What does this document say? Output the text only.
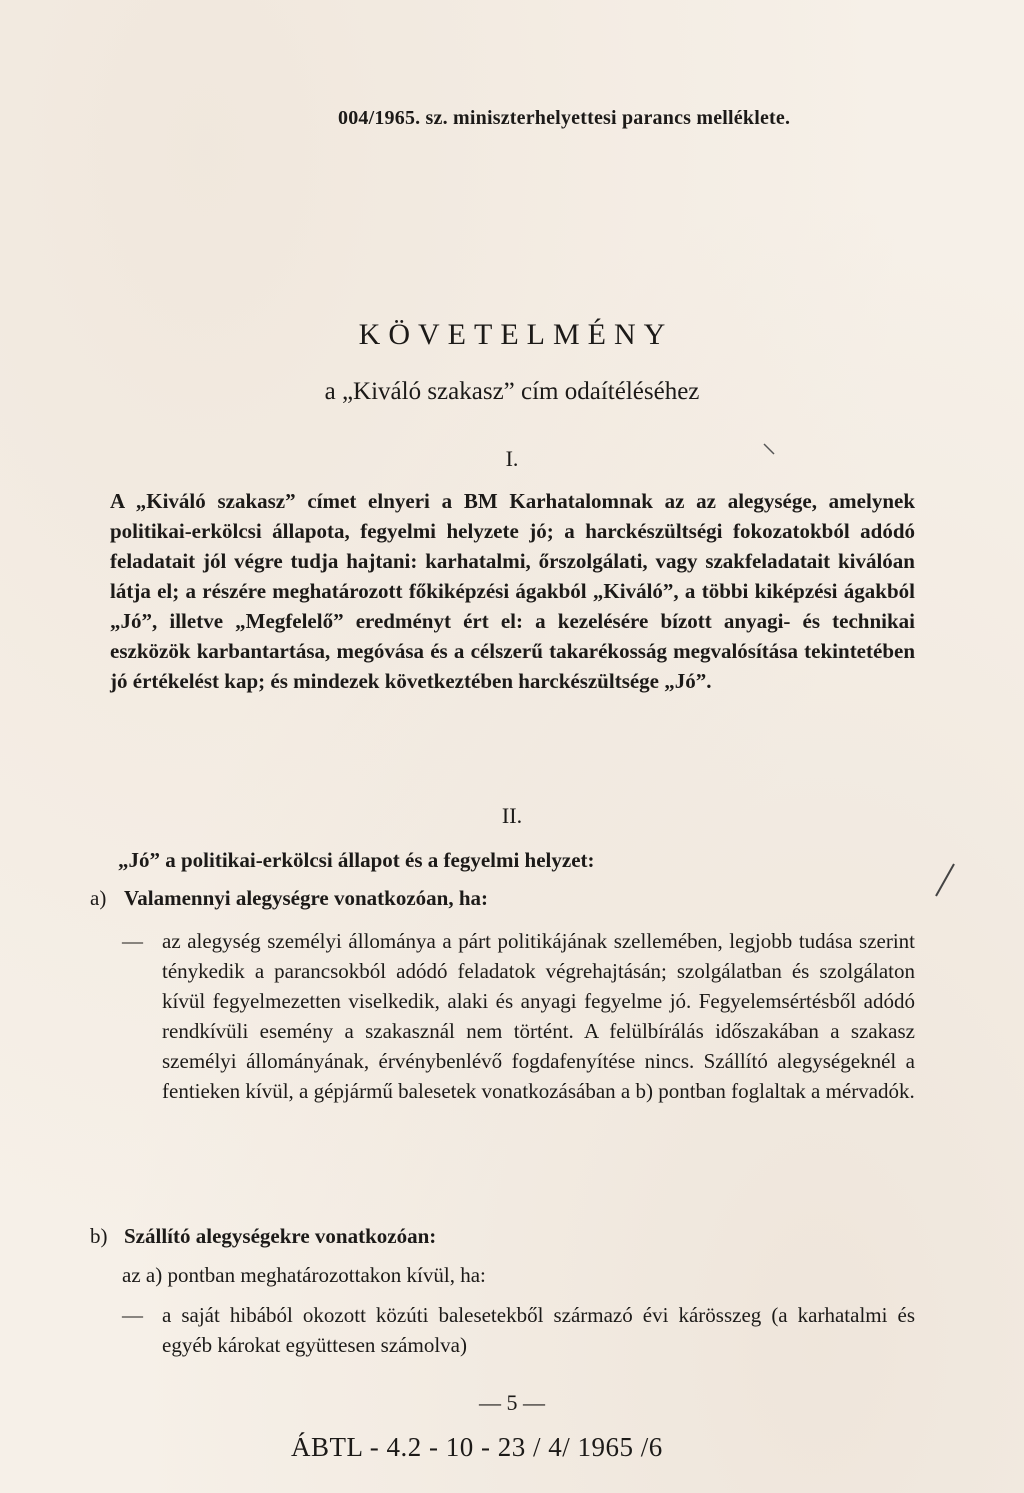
004/1965. sz. miniszterhelyettesi parancs melléklete.
KÖVETELMÉNY
a „Kiváló szakasz” cím odaítéléséhez
I.

A „Kiváló szakasz” címet elnyeri a BM Karhatalomnak az az alegysége, amelynek politikai-erkölcsi állapota, fegyelmi helyzete jó; a harckészültségi fokozatokból adódó feladatait jól végre tudja hajtani: karhatalmi, őrszolgálati, vagy szakfeladatait kiválóan látja el; a részére meghatározott főkiképzési ágakból „Kiváló”, a többi kiképzési ágakból „Jó”, illetve „Megfelelő” eredményt ért el: a kezelésére bízott anyagi- és technikai eszközök karbantartása, megóvása és a célszerű takarékosság megvalósítása tekintetében jó értékelést kap; és mindezek következtében harckészültsége „Jó”.

II.
„Jó” a politikai-erkölcsi állapot és a fegyelmi helyzet:
a) Valamennyi alegységre vonatkozóan, ha:
— az alegység személyi állománya a párt politikájának szellemében, legjobb tudása szerint ténykedik a parancsokból adódó feladatok végrehajtásán; szolgálatban és szolgálaton kívül fegyelmezetten viselkedik, alaki és anyagi fegyelme jó. Fegyelemsértésből adódó rendkívüli esemény a szakasznál nem történt. A felülbírálás időszakában a szakasz személyi állományának, érvénybenlévő fogdafenyítése nincs. Szállító alegységeknél a fentieken kívül, a gépjármű balesetek vonatkozásában a b) pontban foglaltak a mérvadók.
b) Szállító alegységekre vonatkozóan:
az a) pontban meghatározottakon kívül, ha:
— a saját hibából okozott közúti balesetekből származó évi kárösszeg (a karhatalmi és egyéb károkat együttesen számolva)
— 5 —
ÁBTL - 4.2 - 10 - 23 / 4/ 1965 /6
